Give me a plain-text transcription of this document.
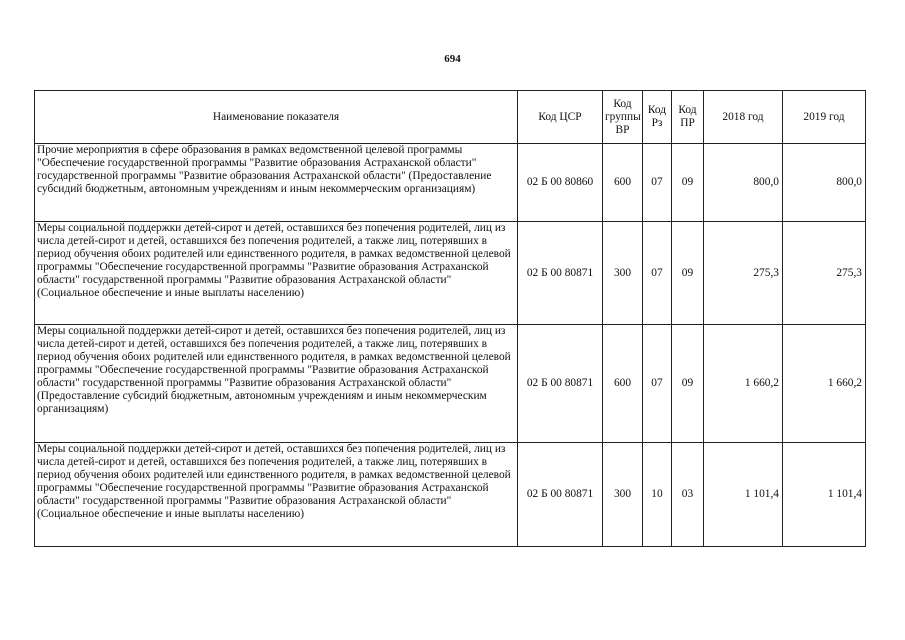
694
Наименование показателя	Код ЦСР	Код группы ВР	Код Рз	Код ПР	2018 год	2019 год
Прочие мероприятия в сфере образования в рамках ведомственной целевой программы "Обеспечение государственной программы "Развитие образования Астраханской области" государственной программы "Развитие образования Астраханской области" (Предоставление субсидий бюджетным, автономным учреждениям и иным некоммерческим организациям)	02 Б 00 80860	600	07	09	800,0	800,0
Меры социальной поддержки детей-сирот и детей, оставшихся без попечения родителей, лиц из числа детей-сирот и детей, оставшихся без попечения родителей, а также лиц, потерявших в период обучения обоих родителей или единственного родителя, в рамках ведомственной целевой программы "Обеспечение государственной программы "Развитие образования Астраханской области" государственной программы "Развитие образования Астраханской области" (Социальное обеспечение и иные выплаты населению)	02 Б 00 80871	300	07	09	275,3	275,3
Меры социальной поддержки детей-сирот и детей, оставшихся без попечения родителей, лиц из числа детей-сирот и детей, оставшихся без попечения родителей, а также лиц, потерявших в период обучения обоих родителей или единственного родителя, в рамках ведомственной целевой программы "Обеспечение государственной программы "Развитие образования Астраханской области" государственной программы "Развитие образования Астраханской области" (Предоставление субсидий бюджетным, автономным учреждениям и иным некоммерческим организациям)	02 Б 00 80871	600	07	09	1 660,2	1 660,2
Меры социальной поддержки детей-сирот и детей, оставшихся без попечения родителей, лиц из числа детей-сирот и детей, оставшихся без попечения родителей, а также лиц, потерявших в период обучения обоих родителей или единственного родителя, в рамках ведомственной целевой программы "Обеспечение государственной программы "Развитие образования Астраханской области" государственной программы "Развитие образования Астраханской области" (Социальное обеспечение и иные выплаты населению)	02 Б 00 80871	300	10	03	1 101,4	1 101,4
